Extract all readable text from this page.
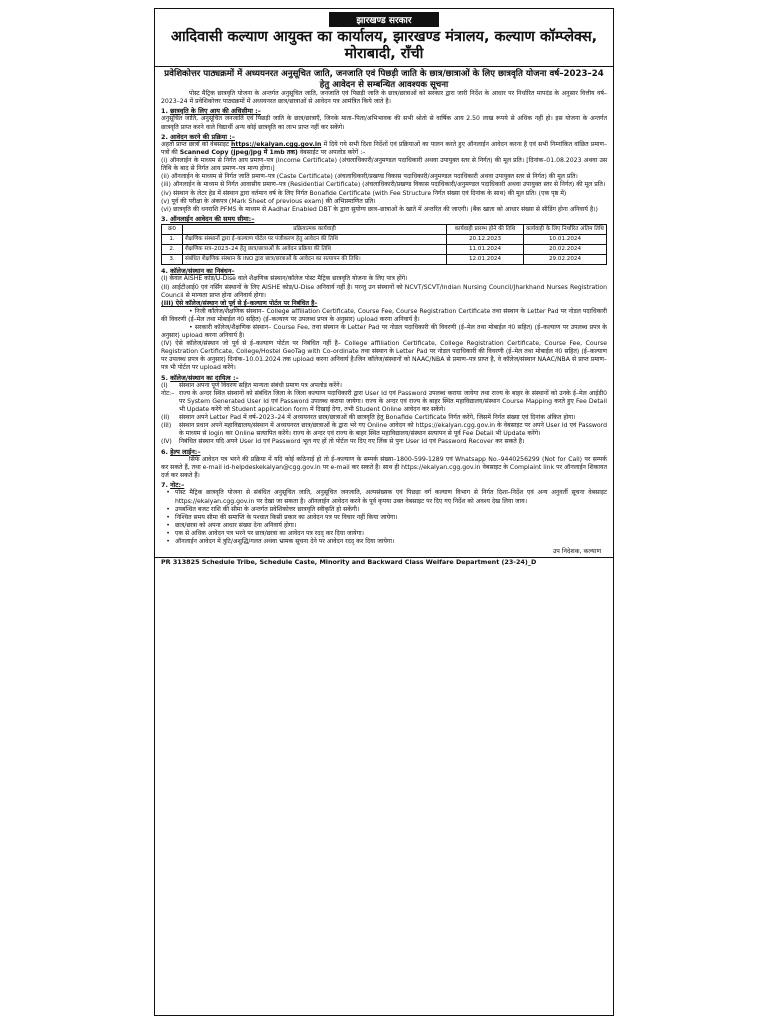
झारखण्ड सरकार
आदिवासी कल्याण आयुक्त का कार्यालय, झारखण्ड मंत्रालय, कल्याण कॉम्प्लेक्स, मोराबादी, राँची
प्रवेशिकोत्तर पाठ्यक्रमों में अध्ययनरत अनुसूचित जाति, जनजाति एवं पिछड़ी जाति के छात्र/छात्राओं के लिए छात्रवृति योजना वर्ष–2023–24 हेतु आवेदन से सम्बन्धित आवश्यक सूचना

पोस्ट मैट्रिक छात्रवृति योजना के अन्तर्गत अनुसूचित जाति, जनजाति एवं पिछड़ी जाति के छात्र/छात्राओं को सरकार द्वारा जारी निर्देश के आधार पर निर्धारित मापदंड के अनुसार वित्तीय वर्ष–2023–24 में प्रवेशिकोत्तर पाठ्यक्रमों में अध्ययनरत छात्र/छात्राओं से आवेदन पत्र आमंत्रित किये जाते है।

1. छात्रवृति के लिए आय की अधिसीमा :–

अनुसूचित जाति, अनुसूचित जनजाति एवं पिछड़ी जाति के छात्र/छात्राएँ, जिनके माता–पिता/अभिभावक की सभी श्रोतो से वार्षिक आय 2.50 लाख रूपये से अधिक नहीं हो। इस योजना के अन्तर्गत छात्रवृति प्राप्त करने वाले विद्यार्थी अन्य कोई छात्रवृति का लाभ प्राप्त नहीं कर सकेंगे।

2. आवेदन करने की प्रक्रिया :–

अहर्ता प्राप्त छात्रों को वेबसाइट https://ekalyan.cgg.gov.in में दिये गये सभी दिशा निर्देशों एवं प्रक्रियाओं का पालन करते हुए ऑनलाईन आवेदन करना है एवं सभी निम्नांकित वांछित प्रमाण–पत्रों की Scanned Copy (jpeg/jpg में 1mb तक) वेबसाईट पर अपलोड करेगें :–

(i) ऑनलाईन के माध्यम से निर्गत आय प्रमाण–पत्र (Income Certificate) (अंचलाधिकारी/अनुमण्डल पदाधिकारी अथवा उपायुक्त स्तर से निर्गत) की मूल प्रति। [दिनांक–01.08.2023 अथवा उस तिथि के बाद से निर्गत आय प्रमाण–पत्र मान्य होगा।]

(ii) ऑनलाईन के माध्यम से निर्गत जाति प्रमाण–पत्र (Caste Certificate) (अंचलाधिकारी/प्रखण्ड विकास पदाधिकारी/अनुमण्डल पदाधिकारी अथवा उपायुक्त स्तर से निर्गत) की मूल प्रति।

(iii) ऑनलाईन के माध्यम से निर्गत आवासीय प्रमाण–पत्र (Residential Certificate) (अंचलाधिकारी/प्रखण्ड विकास पदाधिकारी/अनुमण्डल पदाधिकारी अथवा उपायुक्त स्तर से निर्गत) की मूल प्रति।

(iv) संस्थान के लेटर हेड में संस्थान द्वारा वर्तमान वर्ष के लिए निर्गत Bonafide Certificate (with Fee Structure निर्गत संख्या एवं दिनांक के साथ) की मूल प्रति। (एक पृष्ठ में)

(v) पूर्व की परीक्षा के अंकपत्र (Mark Sheet of previous exam) की अभिप्रमाणित प्रति।

(vi) छात्रवृति की धनराशि PFMS के माध्यम से Aadhar Enabled DBT के द्वारा सुयोग्य छात्र–छात्राओं के खाते में अन्तरित की जाएगी। (बैंक खाता को आधार संख्या से सीडिंग होना अनिवार्य है।)

3. ऑनलाईन आवेदन की समय सीमा:–
क्र0	प्रक्रियात्मक कार्यवाही	कार्यवाही प्रारम्भ होने की तिथि	कार्यवाही के लिए निर्धारित अंतिम तिथि
1.	शैक्षणिक संस्थानों द्वारा ई–कल्याण पोर्टल पर पंजीकरण हेतु आवेदन की तिथि	20.12.2023	10.01.2024
2.	शैक्षणिक सत्र–2023–24 हेतु छात्र/छात्राओं के आवेदन प्रक्रिया की तिथि	11.01.2024	20.02.2024
3.	संबंधित शैक्षणिक संस्थान के INO द्वारा छात्र/छात्राओं के आवेदन का सत्यापन की तिथि।	12.01.2024	29.02.2024
4. कॉलेज/संस्थान का निबंधन–

(I) केवल AISHE कोड/U-Dise वाले शैक्षणिक संस्थान/कॉलेज पोस्ट मैट्रिक छात्रवृति योजना के लिए पात्र होंगे।

(II) आईटीआई0 एवं नर्सिंग संस्थानों के लिए AISHE कोड/U-Dise अनिवार्य नहीं है। परन्तु उन संस्थानों को NCVT/SCVT/Indian Nursing Council/Jharkhand Nurses Registration Council से मान्यता प्राप्त होना अनिवार्य होगा।

(III) ऐसे कॉलेज/संस्थान जो पूर्व से ई–कल्याण पोर्टल पर निबंधित है–

• निजी कॉलेज/शैक्षणिक संस्थान– College affiliation Certificate, Course Fee, Course Registration Certificate तथा संस्थान के Letter Pad पर नोडल पदाधिकारी की विवरणी (ई–मेल तथा मोबाईल नं0 सहित) (ई–कल्याण पर उपलब्ध प्रपत्र के अनुसार) upload करना अनिवार्य है।

• सरकारी कॉलेज/शैक्षणिक संस्थान– Course Fee, तथा संस्थान के Letter Pad पर नोडल पदाधिकारी की विवरणी (ई–मेल तथा मोबाईल नं0 सहित) (ई–कल्याण पर उपलब्ध प्रपत्र के अनुसार) upload करना अनिवार्य है।

(IV) ऐसे कॉलेज/संस्थान जो पूर्व से ई–कल्याण पोर्टल पर निबंधित नहीं है– College affiliation Certificate, College Registration Certificate, Course Fee, Course Registration Certificate, College/Hostel GeoTag with Co-ordinate तथा संस्थान के Letter Pad पर नोडल पदाधिकारी की विवरणी (ई–मेल तथा मोबाईल नं0 सहित) (ई–कल्याण पर उपलब्ध प्रपत्र के अनुसार) दिनांक–10.01.2024 तक upload करना अनिवार्य है।जिन कॉलेज/संस्थानों को NAAC/NBA से प्रमाण–पत्र प्राप्त है, वे कॉलेज/संस्थान NAAC/NBA से प्राप्त प्रमाण–पत्र भी पोर्टल पर upload करेंगे।

5. कॉलेज/संस्थान का दायित्व :–
(I)	संस्थान अपना पूर्ण विवरण सहित मान्यता संबंधी प्रमाण पत्र अपलोड करेंगे।
नोट:– राज्य के अन्दर स्थित संस्थानों को संबंधित जिला के जिला कल्याण पदाधिकारी द्वारा User Id एवं Password उपलब्ध कराया जायेगा तथा राज्य के बाहर के संस्थानों को उनके ई–मेल आईडी0 पर System Generated User Id एवं Password उपलब्ध कराया जायेगा। राज्य के अन्दर एवं राज्य के बाहर स्थित महाविद्यालय/संस्थान Course Mapping करते हुए Fee Detail भी Update करेंगे जो Student application form में दिखाई देगा, तभी Student Online आवेदन कर सकेंगे।
(II)	संस्थान अपने Letter Pad में वर्ष–2023–24 में अध्ययनरत छात्र/छात्राओं की छात्रवृति हेतु Bonafide Certificate निर्गत करेंगे, जिसमें निर्गत संख्या एवं दिनांक अंकित होगा।
(III)	संस्थान प्रधान अपने महाविद्यालय/संस्थान में अध्ययनरत छात्र/छात्राओं के द्वारा भरे गए Online आवेदन को https://ekalyan.cgg.gov.in के वेबसाइट पर अपने User Id एवं Password के माध्यम से login कर Online सत्यापित करेंगे। राज्य के अन्दर एवं राज्य के बाहर स्थित महाविद्यालय/संस्थान सत्यापन से पूर्व Fee Detail भी Update करेंगे।
(IV)	निबंधित संस्थान यदि अपने User Id एवं Password भूल गए हों तो पोर्टल पर दिए गए लिंक से पुनः User Id एवं Password Recover कर सकते है।
6. हेल्प लाईन:–

सिर्फ आवेदन पत्र भरने की प्रक्रिया में यदि कोई कठिनाई हो तो ई–कल्याण के सम्पर्क संख्या–1800-599-1289 एवं Whatsapp No.-9440256299 (Not for Call) पर सम्पर्क कर सकते हैं, तथा e-mail id-helpdeskekalyan@cgg.gov.in पर e-mail कर सकते हैं। साथ ही https://ekalyan.cgg.gov.in वेबसाइट के Complaint link पर ऑनलाईन शिकायत दर्ज कर सकते हैं।

7. नोट:–
• पोस्ट मैट्रिक छात्रवृति योजना से संबंधित अनुसूचित जाति, अनुसूचित जनजाति, अल्पसंख्यक एवं पिछड़ा वर्ग कल्याण विभाग से निर्गत दिशा–निर्देश एवं अन्य अनुवर्ती सूचना वेबसाइट https://ekalyan.cgg.gov.in पर देखा जा सकता है। ऑनलाईन आवेदन करने के पूर्व कृपया उक्त वेबसाइट पर दिए गए निर्देश को अवश्य देख लिया जाय।
• उपबन्धित बजट राशि की सीमा के अन्तर्गत प्रवेशिकोत्तर छात्रवृति स्वीकृति हो सकेंगी।
• निश्चित समय सीमा की समाप्ति के पश्चात किसी प्रकार का आवेदन पत्र पर विचार नहीं किया जायेगा।
• छात्र/छात्रा को अपना आधार संख्या देना अनिवार्य होगा।
• एक से अधिक आवेदन पत्र भरने पर छात्र/छात्रा का आवेदन पत्र रदद् कर दिया जायेगा।
• ऑनलाईन आवेदन में त्रुटि/अशुद्धि/गलत अथवा भ्रामक सूचना देने पर आवेदन रदद् कर दिया जायेगा।
उप निदेशक, कल्याण
PR 313825 Schedule Tribe, Schedule Caste, Minority and Backward Class Welfare Department (23-24)_D
